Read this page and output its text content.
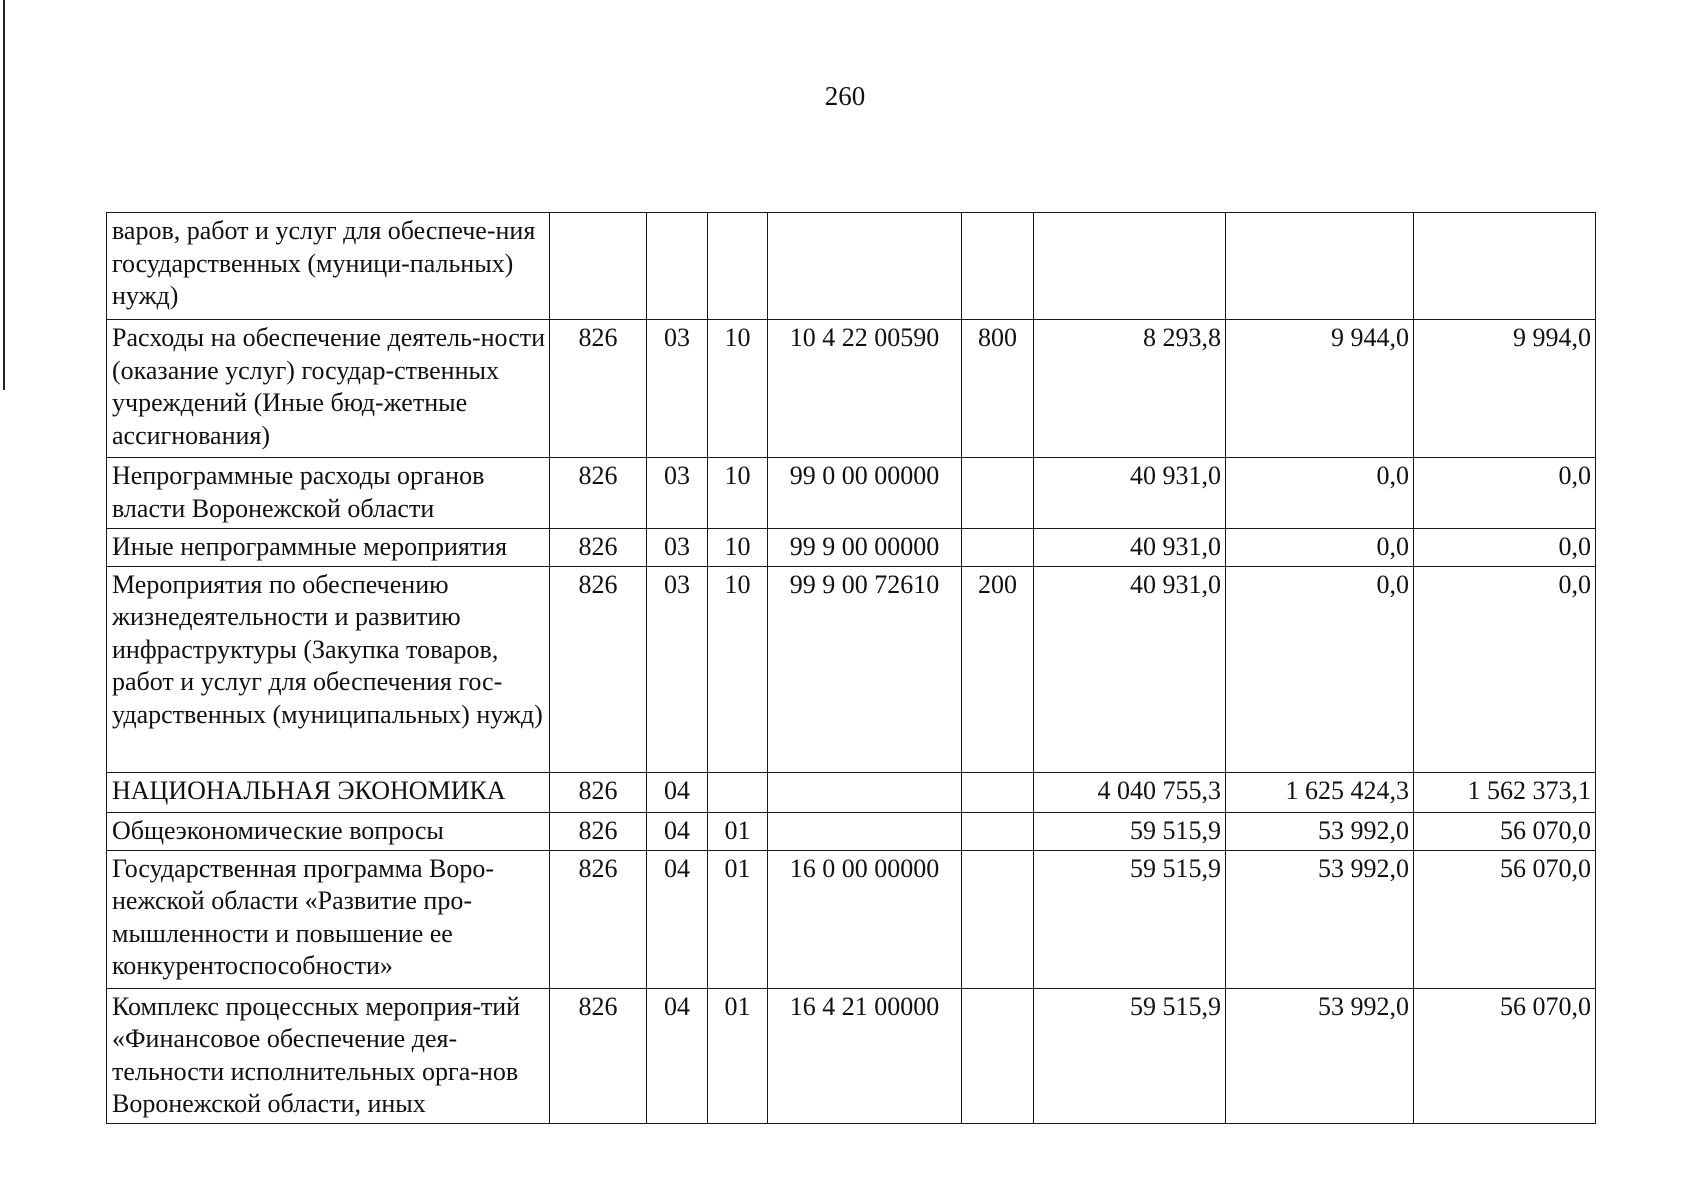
260
варов, работ и услуг для обеспече-ния государственных (муници-пальных) нужд)								
Расходы на обеспечение деятель-ности (оказание услуг) государ-ственных учреждений (Иные бюд-жетные ассигнования)	826	03	10	10 4 22 00590	800	8 293,8	9 944,0	9 994,0
Непрограммные расходы органов власти Воронежской области	826	03	10	99 0 00 00000		40 931,0	0,0	0,0
Иные непрограммные мероприятия	826	03	10	99 9 00 00000		40 931,0	0,0	0,0
Мероприятия по обеспечению жизнедеятельности и развитию инфраструктуры (Закупка товаров, работ и услуг для обеспечения гос-ударственных (муниципальных) нужд)	826	03	10	99 9 00 72610	200	40 931,0	0,0	0,0
НАЦИОНАЛЬНАЯ ЭКОНОМИКА	826	04				4 040 755,3	1 625 424,3	1 562 373,1
Общеэкономические вопросы	826	04	01			59 515,9	53 992,0	56 070,0
Государственная программа Воро-нежской области «Развитие про-мышленности и повышение ее конкурентоспособности»	826	04	01	16 0 00 00000		59 515,9	53 992,0	56 070,0
Комплекс процессных мероприя-тий «Финансовое обеспечение дея-тельности исполнительных орга-нов Воронежской области, иных	826	04	01	16 4 21 00000		59 515,9	53 992,0	56 070,0
